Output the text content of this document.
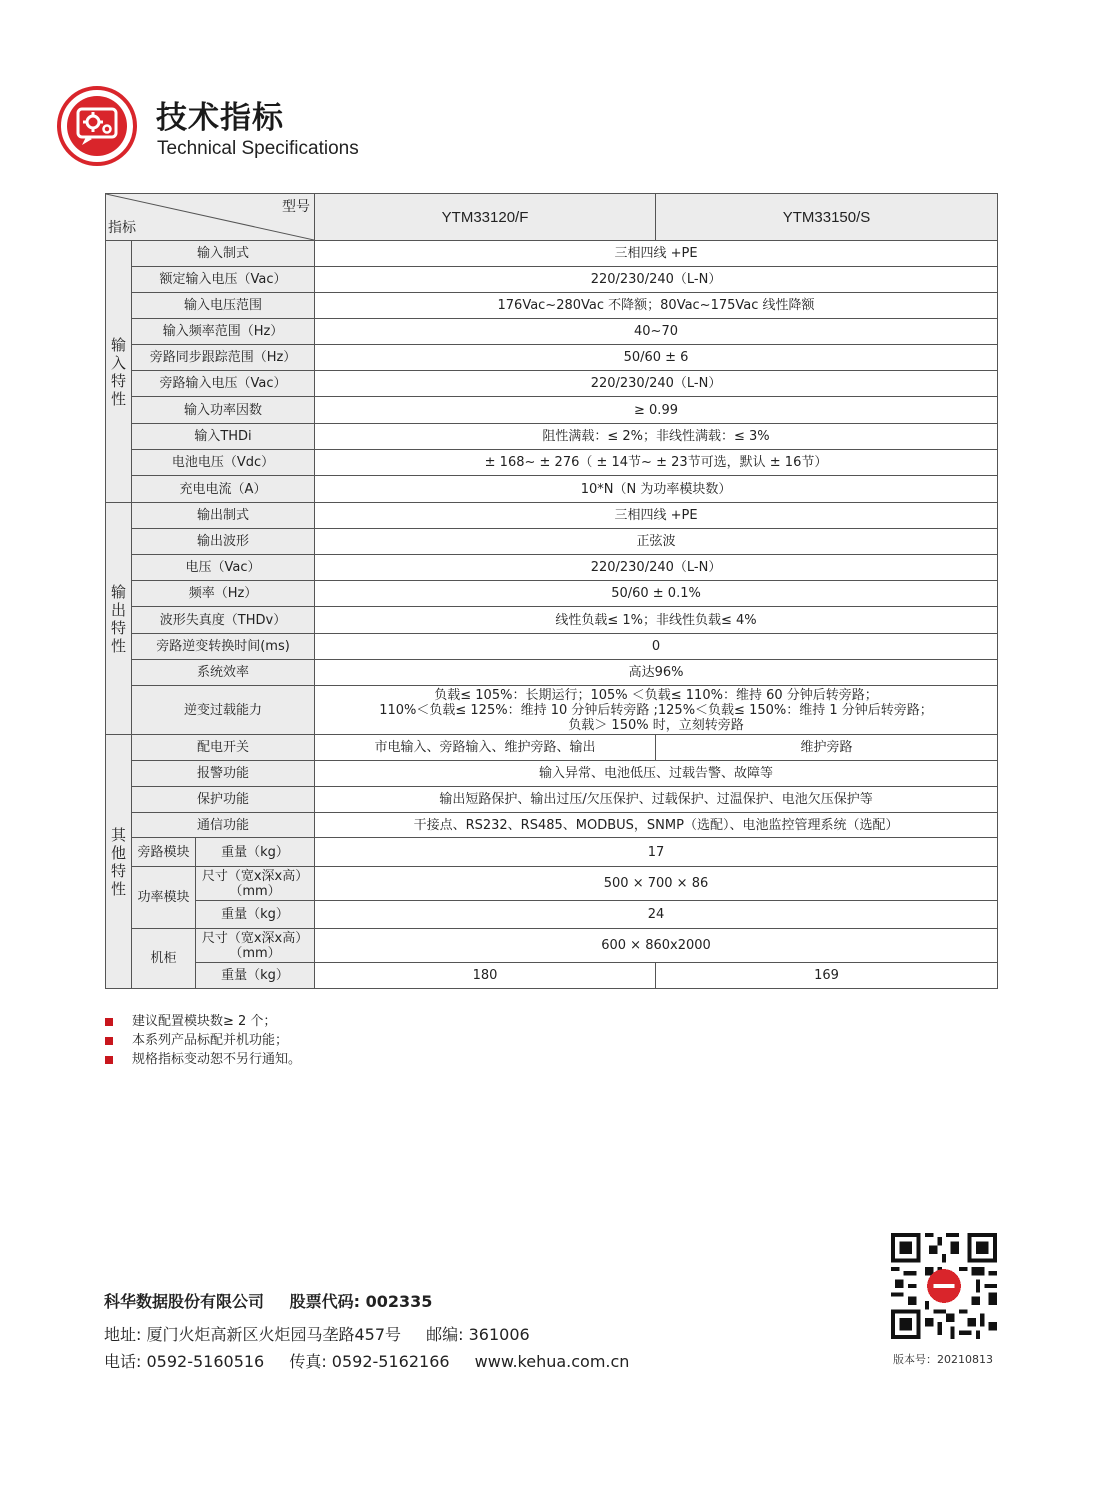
技术指标
Technical Specifications
型号
指标			YTM33120/F	YTM33150/S

输入特性	输入制式		三相四线 +PE	
	额定输入电压（Vac）		220/230/240（L-N）	
	输入电压范围		176Vac~280Vac 不降额；80Vac~175Vac 线性降额	
	输入频率范围（Hz）		40~70	
	旁路同步跟踪范围（Hz）		50/60 ± 6	
	旁路输入电压（Vac）		220/230/240（L-N）	
	输入功率因数		≥ 0.99	
	输入THDi		阻性满载：≤ 2%；非线性满载：≤ 3%	
	电池电压（Vdc）		± 168~ ± 276（ ± 14节~ ± 23节可选，默认 ± 16节）	
	充电电流（A）		10*N（N 为功率模块数）	

输出特性	输出制式		三相四线 +PE	
	输出波形		正弦波	
	电压（Vac）		220/230/240（L-N）	
	频率（Hz）		50/60 ± 0.1%	
	波形失真度（THDv）		线性负载≤ 1%；非线性负载≤ 4%	
	旁路逆变转换时间(ms)		0	
	系统效率		高达96%	
	逆变过载能力		负载≤ 105%：长期运行；105% ＜负载≤ 110%：维持 60 分钟后转旁路；
110%＜负载≤ 125%：维持 10 分钟后转旁路 ;125%＜负载≤ 150%：维持 1 分钟后转旁路；
负载＞ 150% 时，立刻转旁路	

其他特性	配电开关		市电输入、旁路输入、维护旁路、输出	维护旁路
	报警功能		输入异常、电池低压、过载告警、故障等	
	保护功能		输出短路保护、输出过压/欠压保护、过载保护、过温保护、电池欠压保护等	
	通信功能		干接点、RS232、RS485、MODBUS，SNMP（选配）、电池监控管理系统（选配）	
	旁路模块	重量（kg）	17	
	功率模块	尺寸（宽x深x高）
（mm）	500 × 700 × 86	
		重量（kg）	24	
	机柜	尺寸（宽x深x高）
（mm）	600 × 860x2000	
		重量（kg）	180	169
建议配置模块数≥ 2 个；
本系列产品标配并机功能；
规格指标变动恕不另行通知。
科华数据股份有限公司 股票代码: 002335
地址: 厦门火炬高新区火炬园马垄路457号 邮编: 361006
电话: 0592-5160516 传真: 0592-5162166 www.kehua.com.cn	版本号：20210813
